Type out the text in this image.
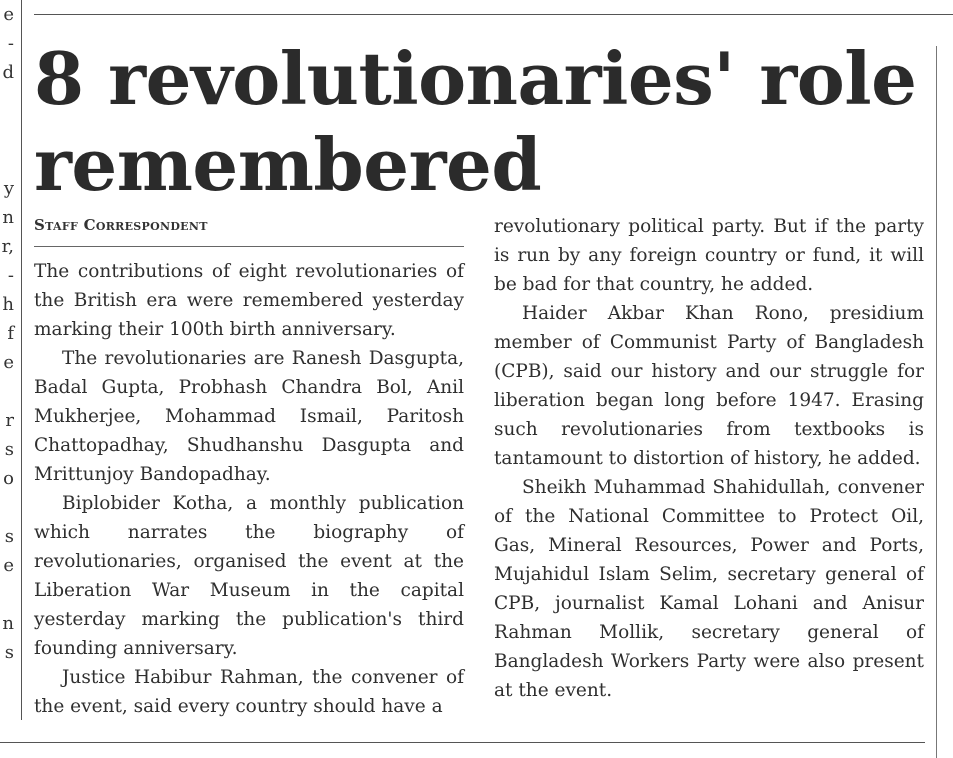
e
-
d
y
n
r,
-
h
f
e
r
s
o
s
e
n
s
8 revolutionaries' role remembered
Staff Correspondent

The contributions of eight revolutionaries of the British era were remembered yesterday marking their 100th birth anniversary.

The revolutionaries are Ranesh Dasgupta, Badal Gupta, Probhash Chandra Bol, Anil Mukherjee, Mohammad Ismail, Paritosh Chattopadhay, Shudhanshu Dasgupta and Mrittunjoy Bandopadhay.

Biplobider Kotha, a monthly publication which narrates the biography of revolutionaries, organised the event at the Liberation War Museum in the capital yesterday marking the publication's third founding anniversary.

Justice Habibur Rahman, the convener of the event, said every country should have a

revolutionary political party. But if the party is run by any foreign country or fund, it will be bad for that country, he added.

Haider Akbar Khan Rono, presidium member of Communist Party of Bangladesh (CPB), said our history and our struggle for liberation began long before 1947. Erasing such revolutionaries from textbooks is tantamount to distortion of history, he added.

Sheikh Muhammad Shahidullah, convener of the National Committee to Protect Oil, Gas, Mineral Resources, Power and Ports, Mujahidul Islam Selim, secretary general of CPB, journalist Kamal Lohani and Anisur Rahman Mollik, secretary general of Bangladesh Workers Party were also present at the event.
